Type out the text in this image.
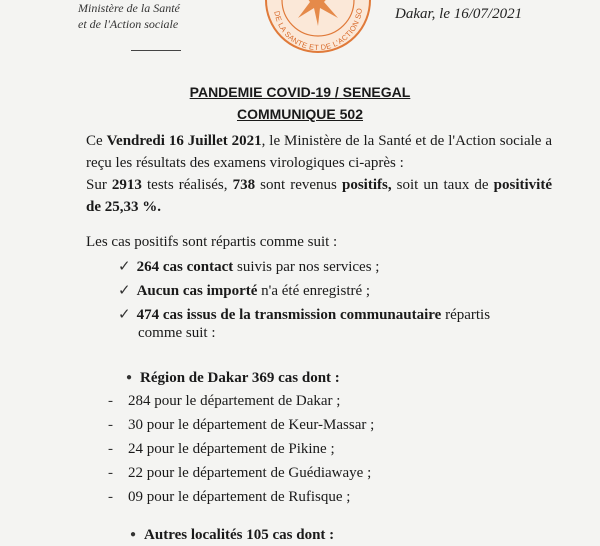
Ministère de la Santé
et de l'Action sociale
DE LA SANTE ET DE L'ACTION SO Dakar, le 16/07/2021
PANDEMIE COVID-19 / SENEGAL
COMMUNIQUE 502
Ce Vendredi 16 Juillet 2021, le Ministère de la Santé et de l'Action sociale a reçu les résultats des examens virologiques ci-après :
Sur 2913 tests réalisés, 738 sont revenus positifs, soit un taux de positivité de 25,33 %.
Les cas positifs sont répartis comme suit :
✓ 264 cas contact suivis par nos services ;
✓ Aucun cas importé n'a été enregistré ;
✓ 474 cas issus de la transmission communautaire répartis
comme suit :
● Région de Dakar 369 cas dont :
- 284 pour le département de Dakar ;
- 30 pour le département de Keur-Massar ;
- 24 pour le département de Pikine ;
- 22 pour le département de Guédiawaye ;
- 09 pour le département de Rufisque ;
● Autres localités 105 cas dont :
